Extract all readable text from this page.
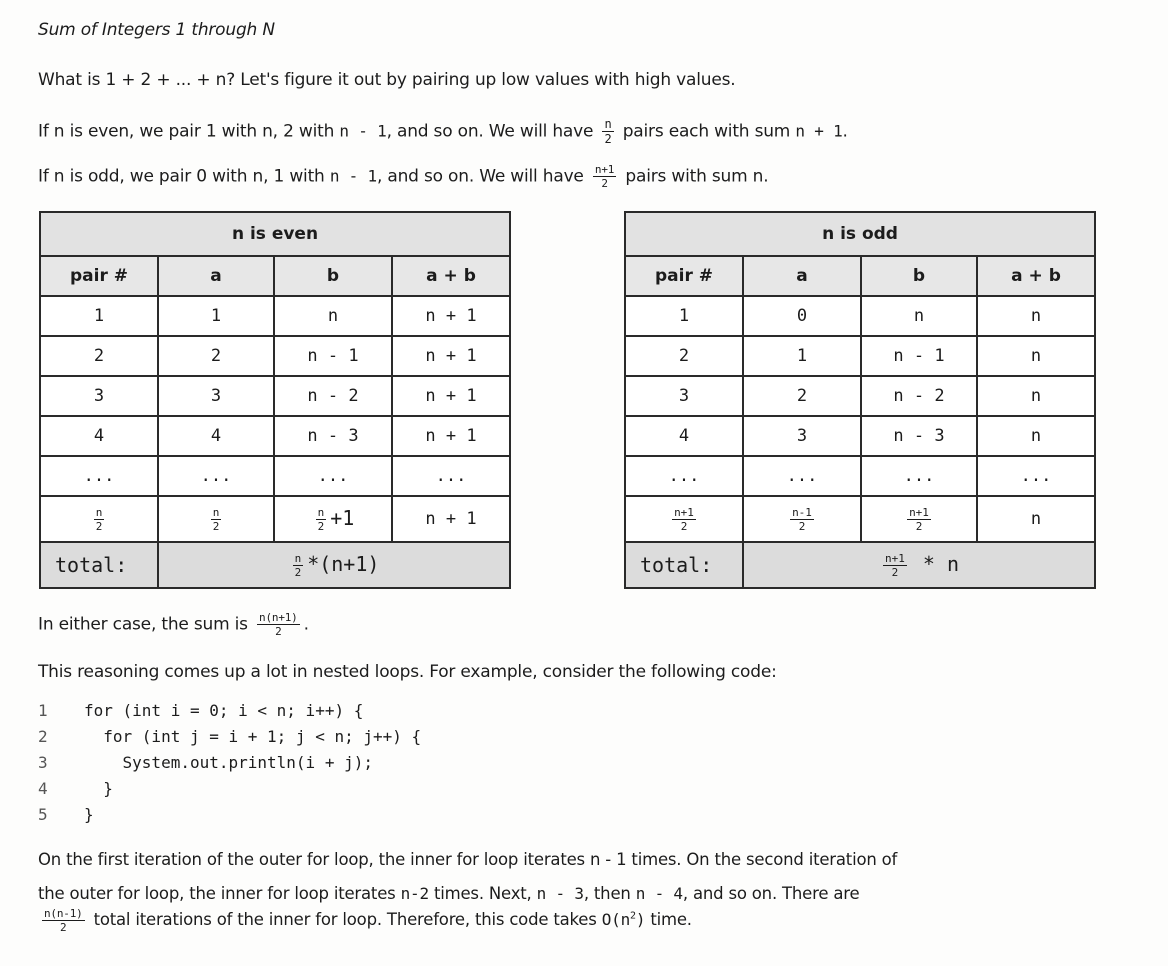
Sum of Integers 1 through N
What is 1 + 2 + ... + n? Let's figure it out by pairing up low values with high values.
If n is even, we pair 1 with n, 2 with n - 1, and so on. We will have $\frac{n}{2}$ pairs each with sum n + 1.
If n is odd, we pair 0 with n, 1 with n - 1, and so on. We will have $\frac{n+1}{2}$ pairs with sum n.
n is even			
pair #	a	b	a + b
1	1	n	n + 1
2	2	n - 1	n + 1
3	3	n - 2	n + 1
4	4	n - 3	n + 1
...	...	...	...

$\frac{n}{2}$	$\frac{n}{2}$	$\frac{n}{2} +1$	n + 1
total:	$\frac{n}{2} *(n+1)$		
n is odd			
pair #	a	b	a + b
1	0	n	n
2	1	n - 1	n
3	2	n - 2	n
4	3	n - 3	n
...	...	...	...

$\frac{n+1}{2}$	$\frac{n-1}{2}$	$\frac{n+1}{2}$	n
total:	$\frac{n+1}{2}$ * n		
In either case, the sum is $\frac{n(n+1)}{2}$ .
This reasoning comes up a lot in nested loops. For example, consider the following code:
1 for (int i = 0; i < n; i++) {
2  for (int j = i + 1; j < n; j++) {
3    System.out.println(i + j);
4  }
5 }
On the first iteration of the outer for loop, the inner for loop iterates n - 1 times. On the second iteration of
the outer for loop, the inner for loop iterates n-2 times. Next, n - 3, then n - 4, and so on. There are
$\frac{n(n-1)}{2}$ total iterations of the inner for loop. Therefore, this code takes $O(n^2)$ time.
